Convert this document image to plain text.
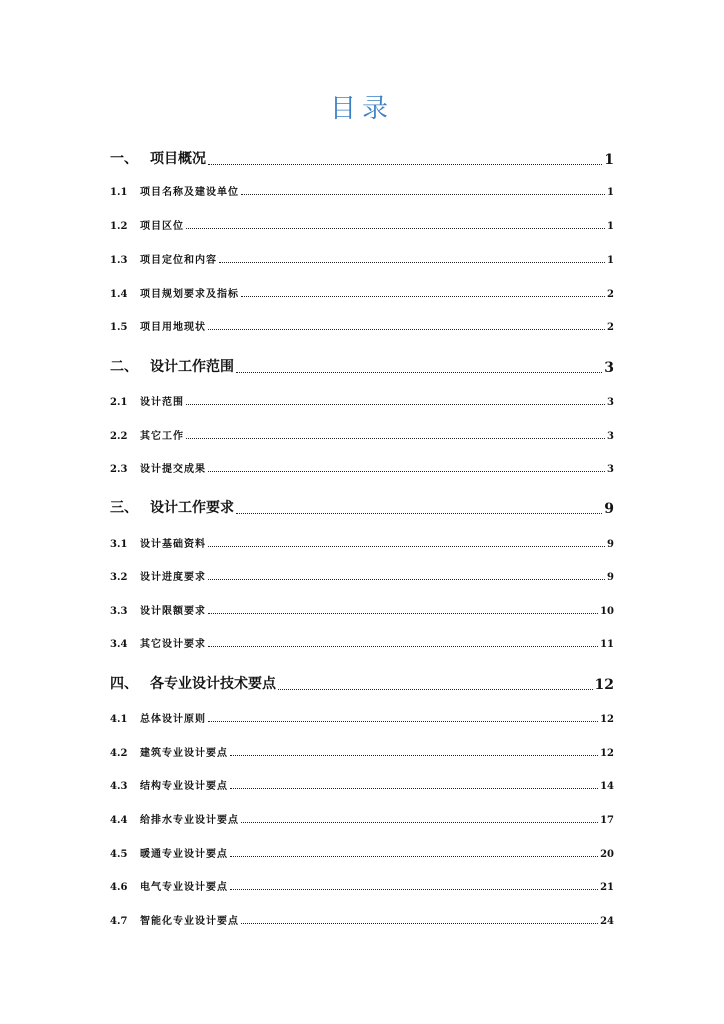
目录
一、 项目概况	1
1.1	项目名称及建设单位	1
1.2	项目区位	1
1.3	项目定位和内容	1
1.4	项目规划要求及指标	2
1.5	项目用地现状	2
二、 设计工作范围	3
2.1	设计范围	3
2.2	其它工作	3
2.3	设计提交成果	3
三、 设计工作要求	9
3.1	设计基础资料	9
3.2	设计进度要求	9
3.3	设计限额要求	10
3.4	其它设计要求	11
四、 各专业设计技术要点	12
4.1	总体设计原则	12
4.2	建筑专业设计要点	12
4.3	结构专业设计要点	14
4.4	给排水专业设计要点	17
4.5	暖通专业设计要点	20
4.6	电气专业设计要点	21
4.7	智能化专业设计要点	24
